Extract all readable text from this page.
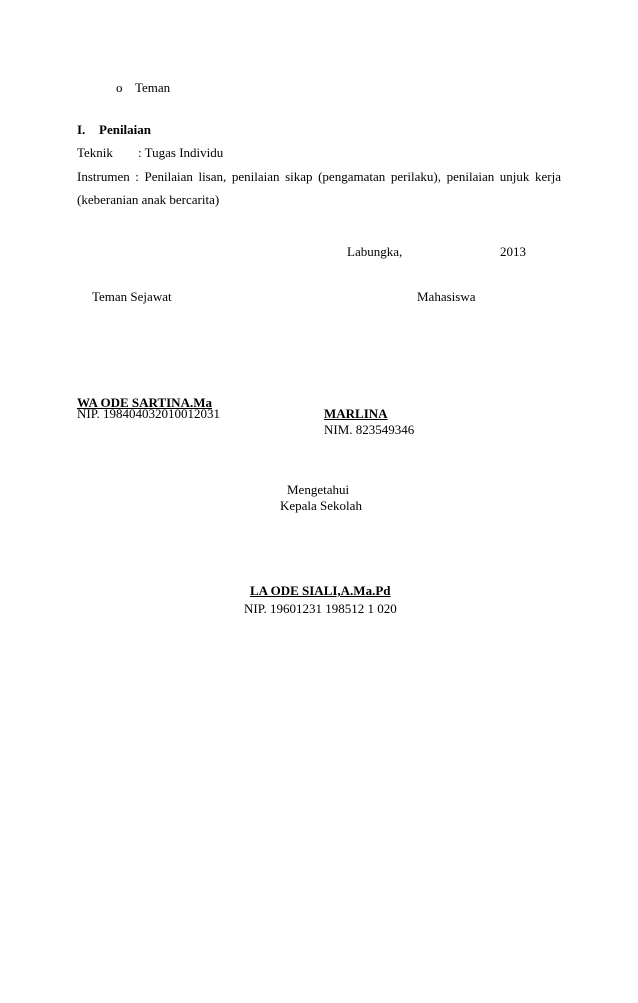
o Teman
I. Penilaian
Teknik : Tugas Individu
Instrumen : Penilaian lisan, penilaian sikap (pengamatan perilaku), penilaian unjuk kerja
(keberanian anak bercarita)
Labungka,	2013
Teman Sejawat	Mahasiswa
WA ODE SARTINA.Ma
NIP. 198404032010012031	MARLINA
NIM. 823549346
Mengetahui
Kepala Sekolah
LA ODE SIALI,A.Ma.Pd
NIP. 19601231 198512 1 020
